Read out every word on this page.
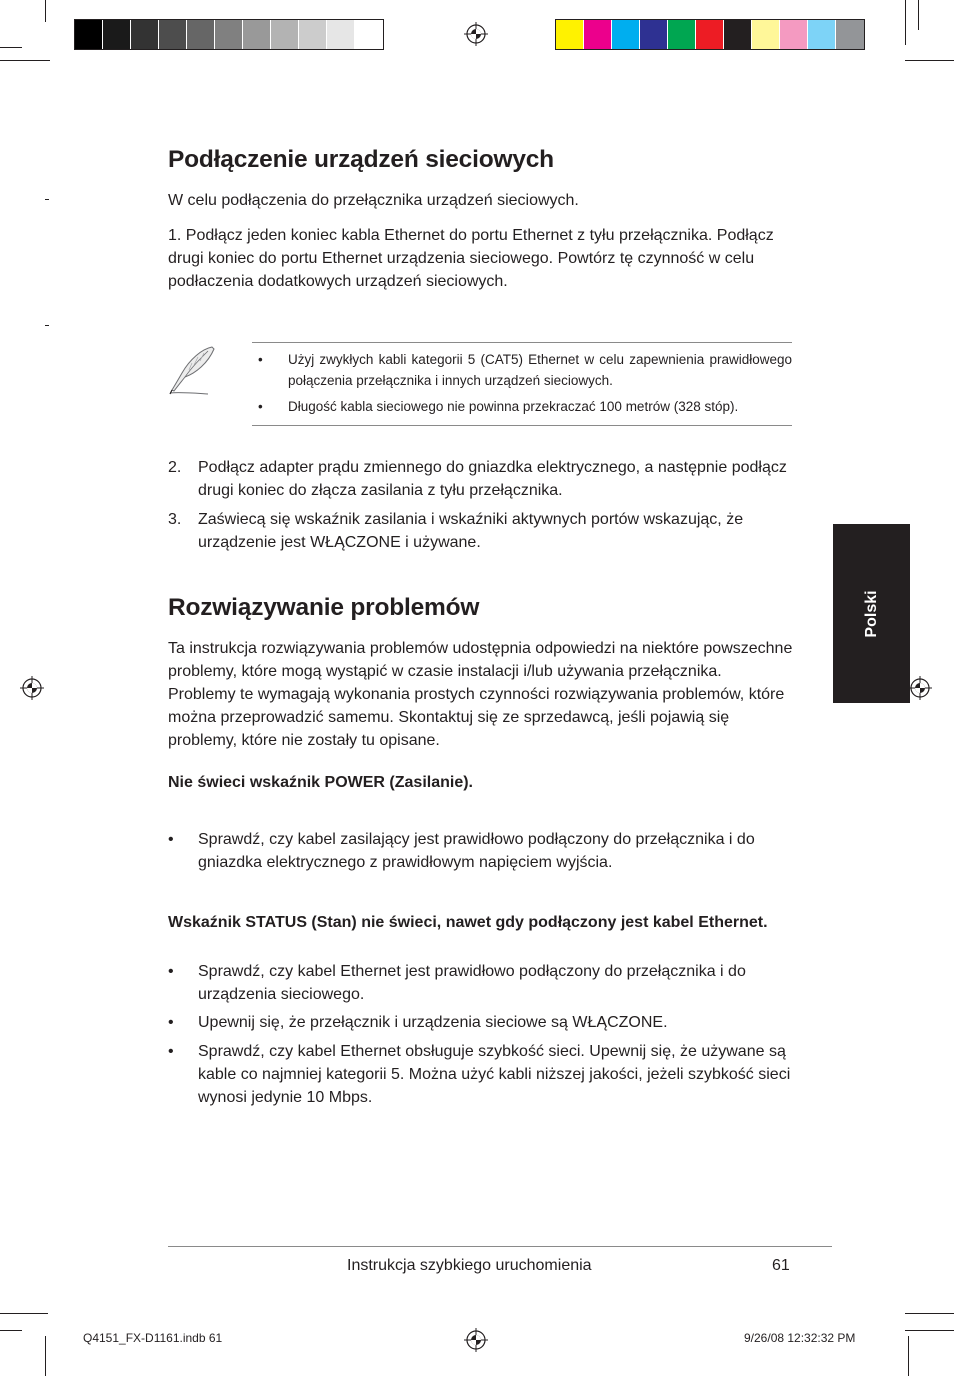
Podłączenie urządzeń sieciowych

W celu podłączenia do przełącznika urządzeń sieciowych.

1. Podłącz jeden koniec kabla Ethernet do portu Ethernet z tyłu przełącznika. Podłącz drugi koniec do portu Ethernet urządzenia sieciowego. Powtórz tę czynność w celu podłaczenia dodatkowych urządzeń sieciowych.

• Użyj zwykłych kabli kategorii 5 (CAT5) Ethernet w celu zapewnienia prawidłowego połączenia przełącznika i innych urządzeń sieciowych.
• Długość kabla sieciowego nie powinna przekraczać 100 metrów (328 stóp).
2. Podłącz adapter prądu zmiennego do gniazdka elektrycznego, a następnie podłącz drugi koniec do złącza zasilania z tyłu przełącznika.
3. Zaświecą się wskaźnik zasilania i wskaźniki aktywnych portów wskazując, że urządzenie jest WŁĄCZONE i używane.
Rozwiązywanie problemów

Ta instrukcja rozwiązywania problemów udostępnia odpowiedzi na niektóre powszechne problemy, które mogą wystąpić w czasie instalacji i/lub używania przełącznika. Problemy te wymagają wykonania prostych czynności rozwiązywania problemów, które można przeprowadzić samemu. Skontaktuj się ze sprzedawcą, jeśli pojawią się problemy, które nie zostały tu opisane.

Nie świeci wskaźnik POWER (Zasilanie).

• Sprawdź, czy kabel zasilający jest prawidłowo podłączony do przełącznika i do gniazdka elektrycznego z prawidłowym napięciem wyjścia.

Wskaźnik STATUS (Stan) nie świeci, nawet gdy podłączony jest kabel Ethernet.

• Sprawdź, czy kabel Ethernet jest prawidłowo podłączony do przełącznika i do urządzenia sieciowego.
• Upewnij się, że przełącznik i urządzenia sieciowe są WŁĄCZONE.
• Sprawdź, czy kabel Ethernet obsługuje szybkość sieci. Upewnij się, że używane są kable co najmniej kategorii 5. Można użyć kabli niższej jakości, jeżeli szybkość sieci wynosi jedynie 10 Mbps.
Polski
Instrukcja szybkiego uruchomienia	61
Q4151_FX-D1161.indb 61	9/26/08 12:32:32 PM
